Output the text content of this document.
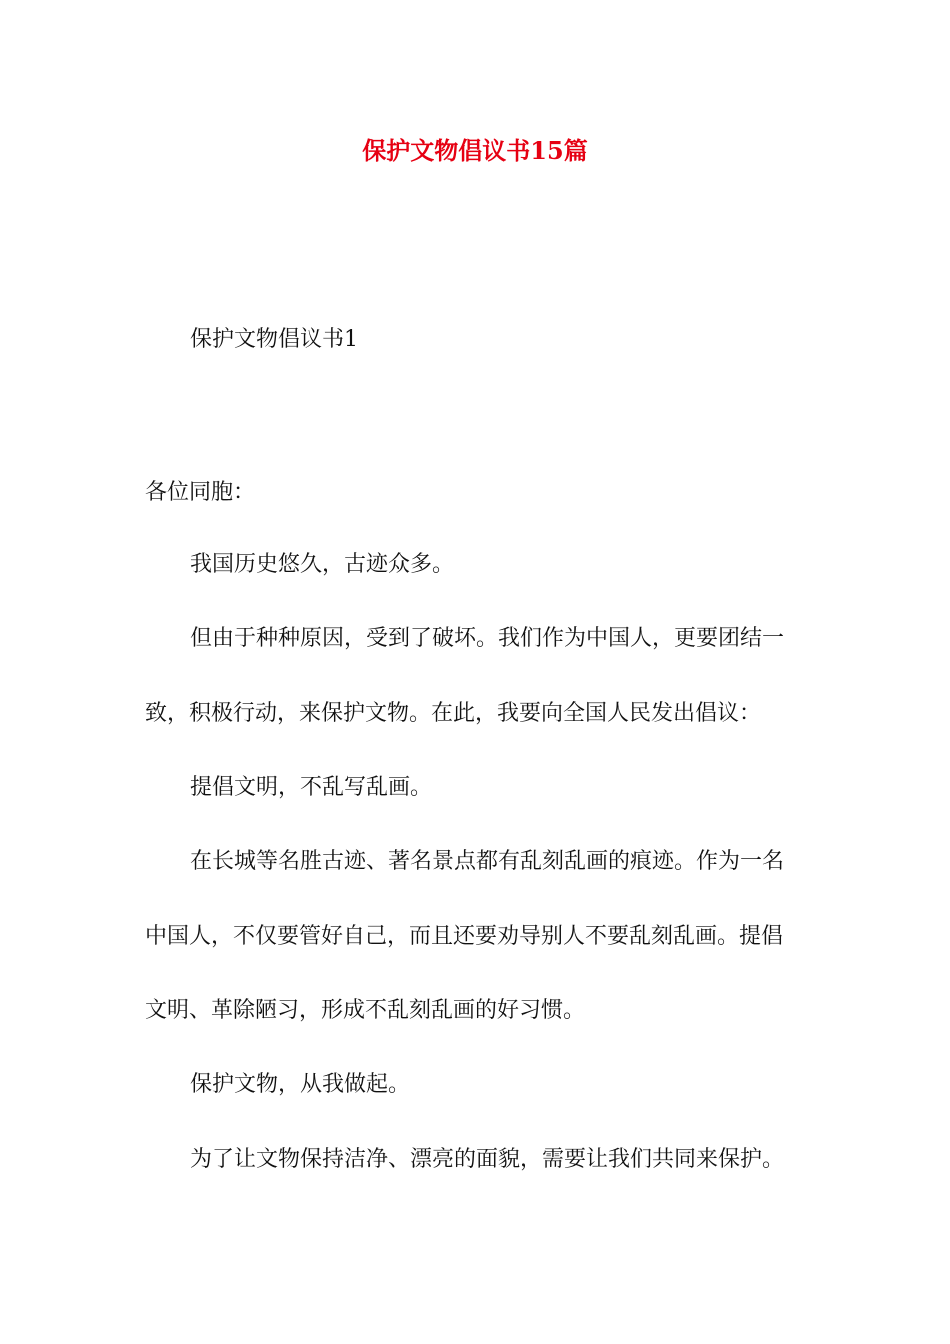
保护文物倡议书15篇
保护文物倡议书1
各位同胞：
我国历史悠久，古迹众多。
但由于种种原因，受到了破坏。我们作为中国人，更要团结一
致，积极行动，来保护文物。在此，我要向全国人民发出倡议：
提倡文明，不乱写乱画。
在长城等名胜古迹、著名景点都有乱刻乱画的痕迹。作为一名
中国人，不仅要管好自己，而且还要劝导别人不要乱刻乱画。提倡
文明、革除陋习，形成不乱刻乱画的好习惯。
保护文物，从我做起。
为了让文物保持洁净、漂亮的面貌，需要让我们共同来保护。
